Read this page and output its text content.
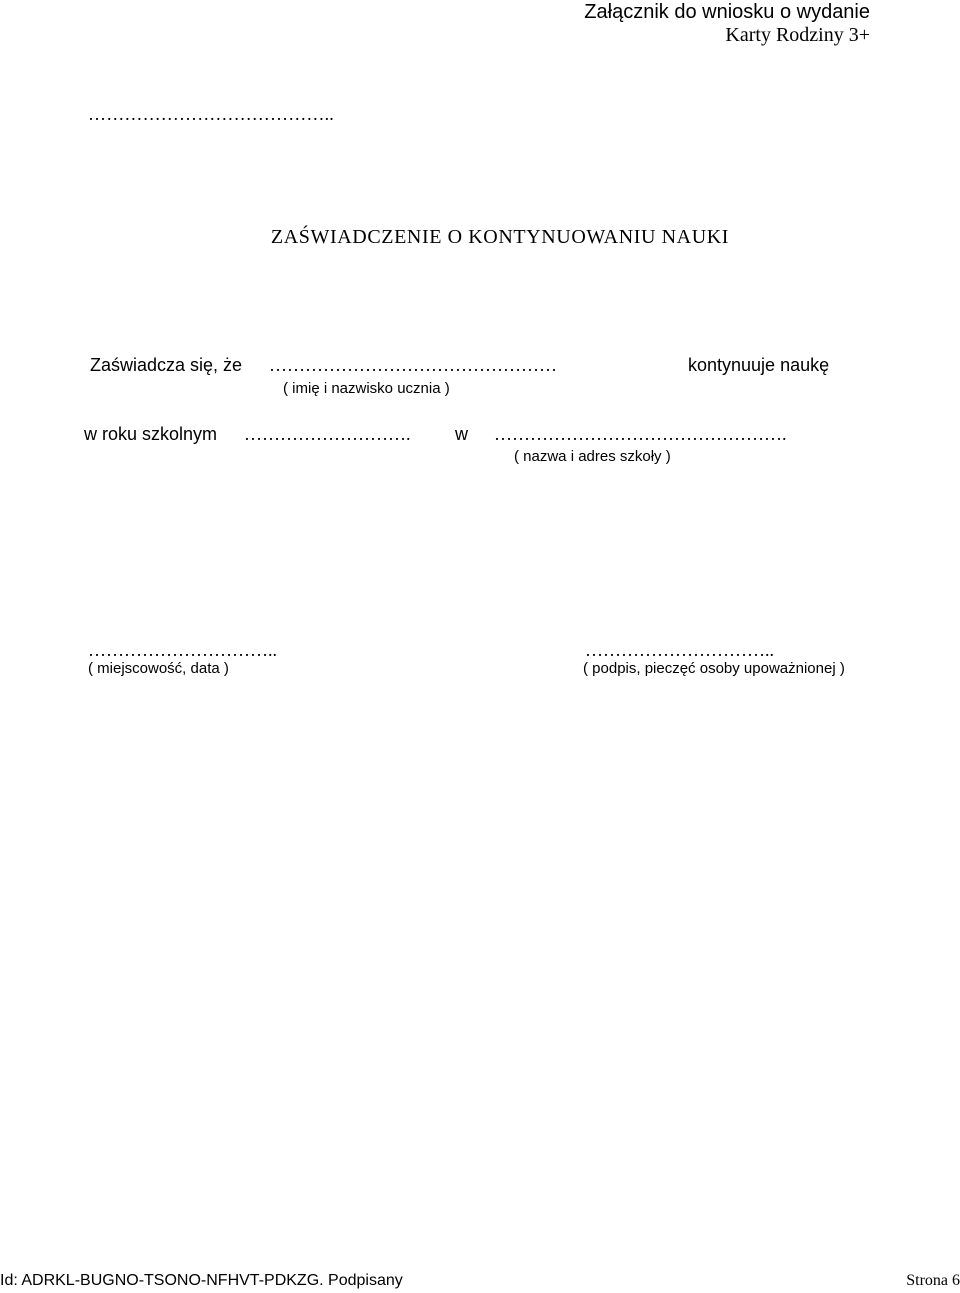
Załącznik do wniosku o wydanie
Karty Rodziny 3+
…………………………………..
ZAŚWIADCZENIE O KONTYNUOWANIU NAUKI
Zaświadcza się, że …………………………………………	kontynuuje naukę
( imię i nazwisko ucznia )
w roku szkolnym ………………………. w ………………………………………….
( nazwa i adres szkoły )
…………………………..
( miejscowość, data )
…………………………..
( podpis, pieczęć osoby upoważnionej )
Id: ADRKL-BUGNO-TSONO-NFHVT-PDKZG. Podpisany	Strona 6
